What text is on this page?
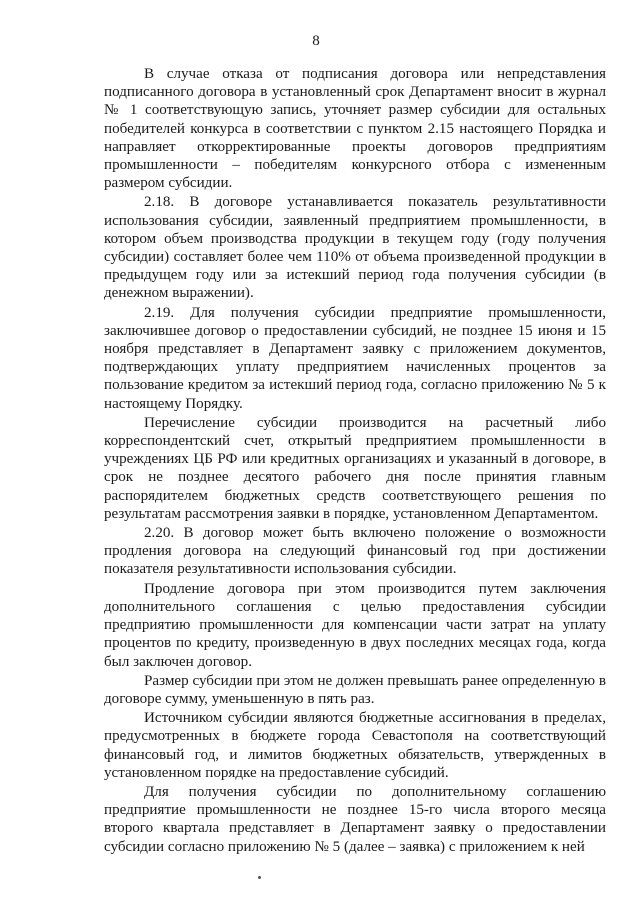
8

В случае отказа от подписания договора или непредставления подписанного договора в установленный срок Департамент вносит в журнал № 1 соответствующую запись, уточняет размер субсидии для остальных победителей конкурса в соответствии с пунктом 2.15 настоящего Порядка и направляет откорректированные проекты договоров предприятиям промышленности – победителям конкурсного отбора с измененным размером субсидии.

2.18. В договоре устанавливается показатель результативности использования субсидии, заявленный предприятием промышленности, в котором объем производства продукции в текущем году (году получения субсидии) составляет более чем 110% от объема произведенной продукции в предыдущем году или за истекший период года получения субсидии (в денежном выражении).

2.19. Для получения субсидии предприятие промышленности, заключившее договор о предоставлении субсидий, не позднее 15 июня и 15 ноября представляет в Департамент заявку с приложением документов, подтверждающих уплату предприятием начисленных процентов за пользование кредитом за истекший период года, согласно приложению № 5 к настоящему Порядку.

Перечисление субсидии производится на расчетный либо корреспондентский счет, открытый предприятием промышленности в учреждениях ЦБ РФ или кредитных организациях и указанный в договоре, в срок не позднее десятого рабочего дня после принятия главным распорядителем бюджетных средств соответствующего решения по результатам рассмотрения заявки в порядке, установленном Департаментом.

2.20. В договор может быть включено положение о возможности продления договора на следующий финансовый год при достижении показателя результативности использования субсидии.

Продление договора при этом производится путем заключения дополнительного соглашения с целью предоставления субсидии предприятию промышленности для компенсации части затрат на уплату процентов по кредиту, произведенную в двух последних месяцах года, когда был заключен договор.

Размер субсидии при этом не должен превышать ранее определенную в договоре сумму, уменьшенную в пять раз.

Источником субсидии являются бюджетные ассигнования в пределах, предусмотренных в бюджете города Севастополя на соответствующий финансовый год, и лимитов бюджетных обязательств, утвержденных в установленном порядке на предоставление субсидий.

Для получения субсидии по дополнительному соглашению предприятие промышленности не позднее 15-го числа второго месяца второго квартала представляет в Департамент заявку о предоставлении субсидии согласно приложению № 5 (далее – заявка) с приложением к ней
